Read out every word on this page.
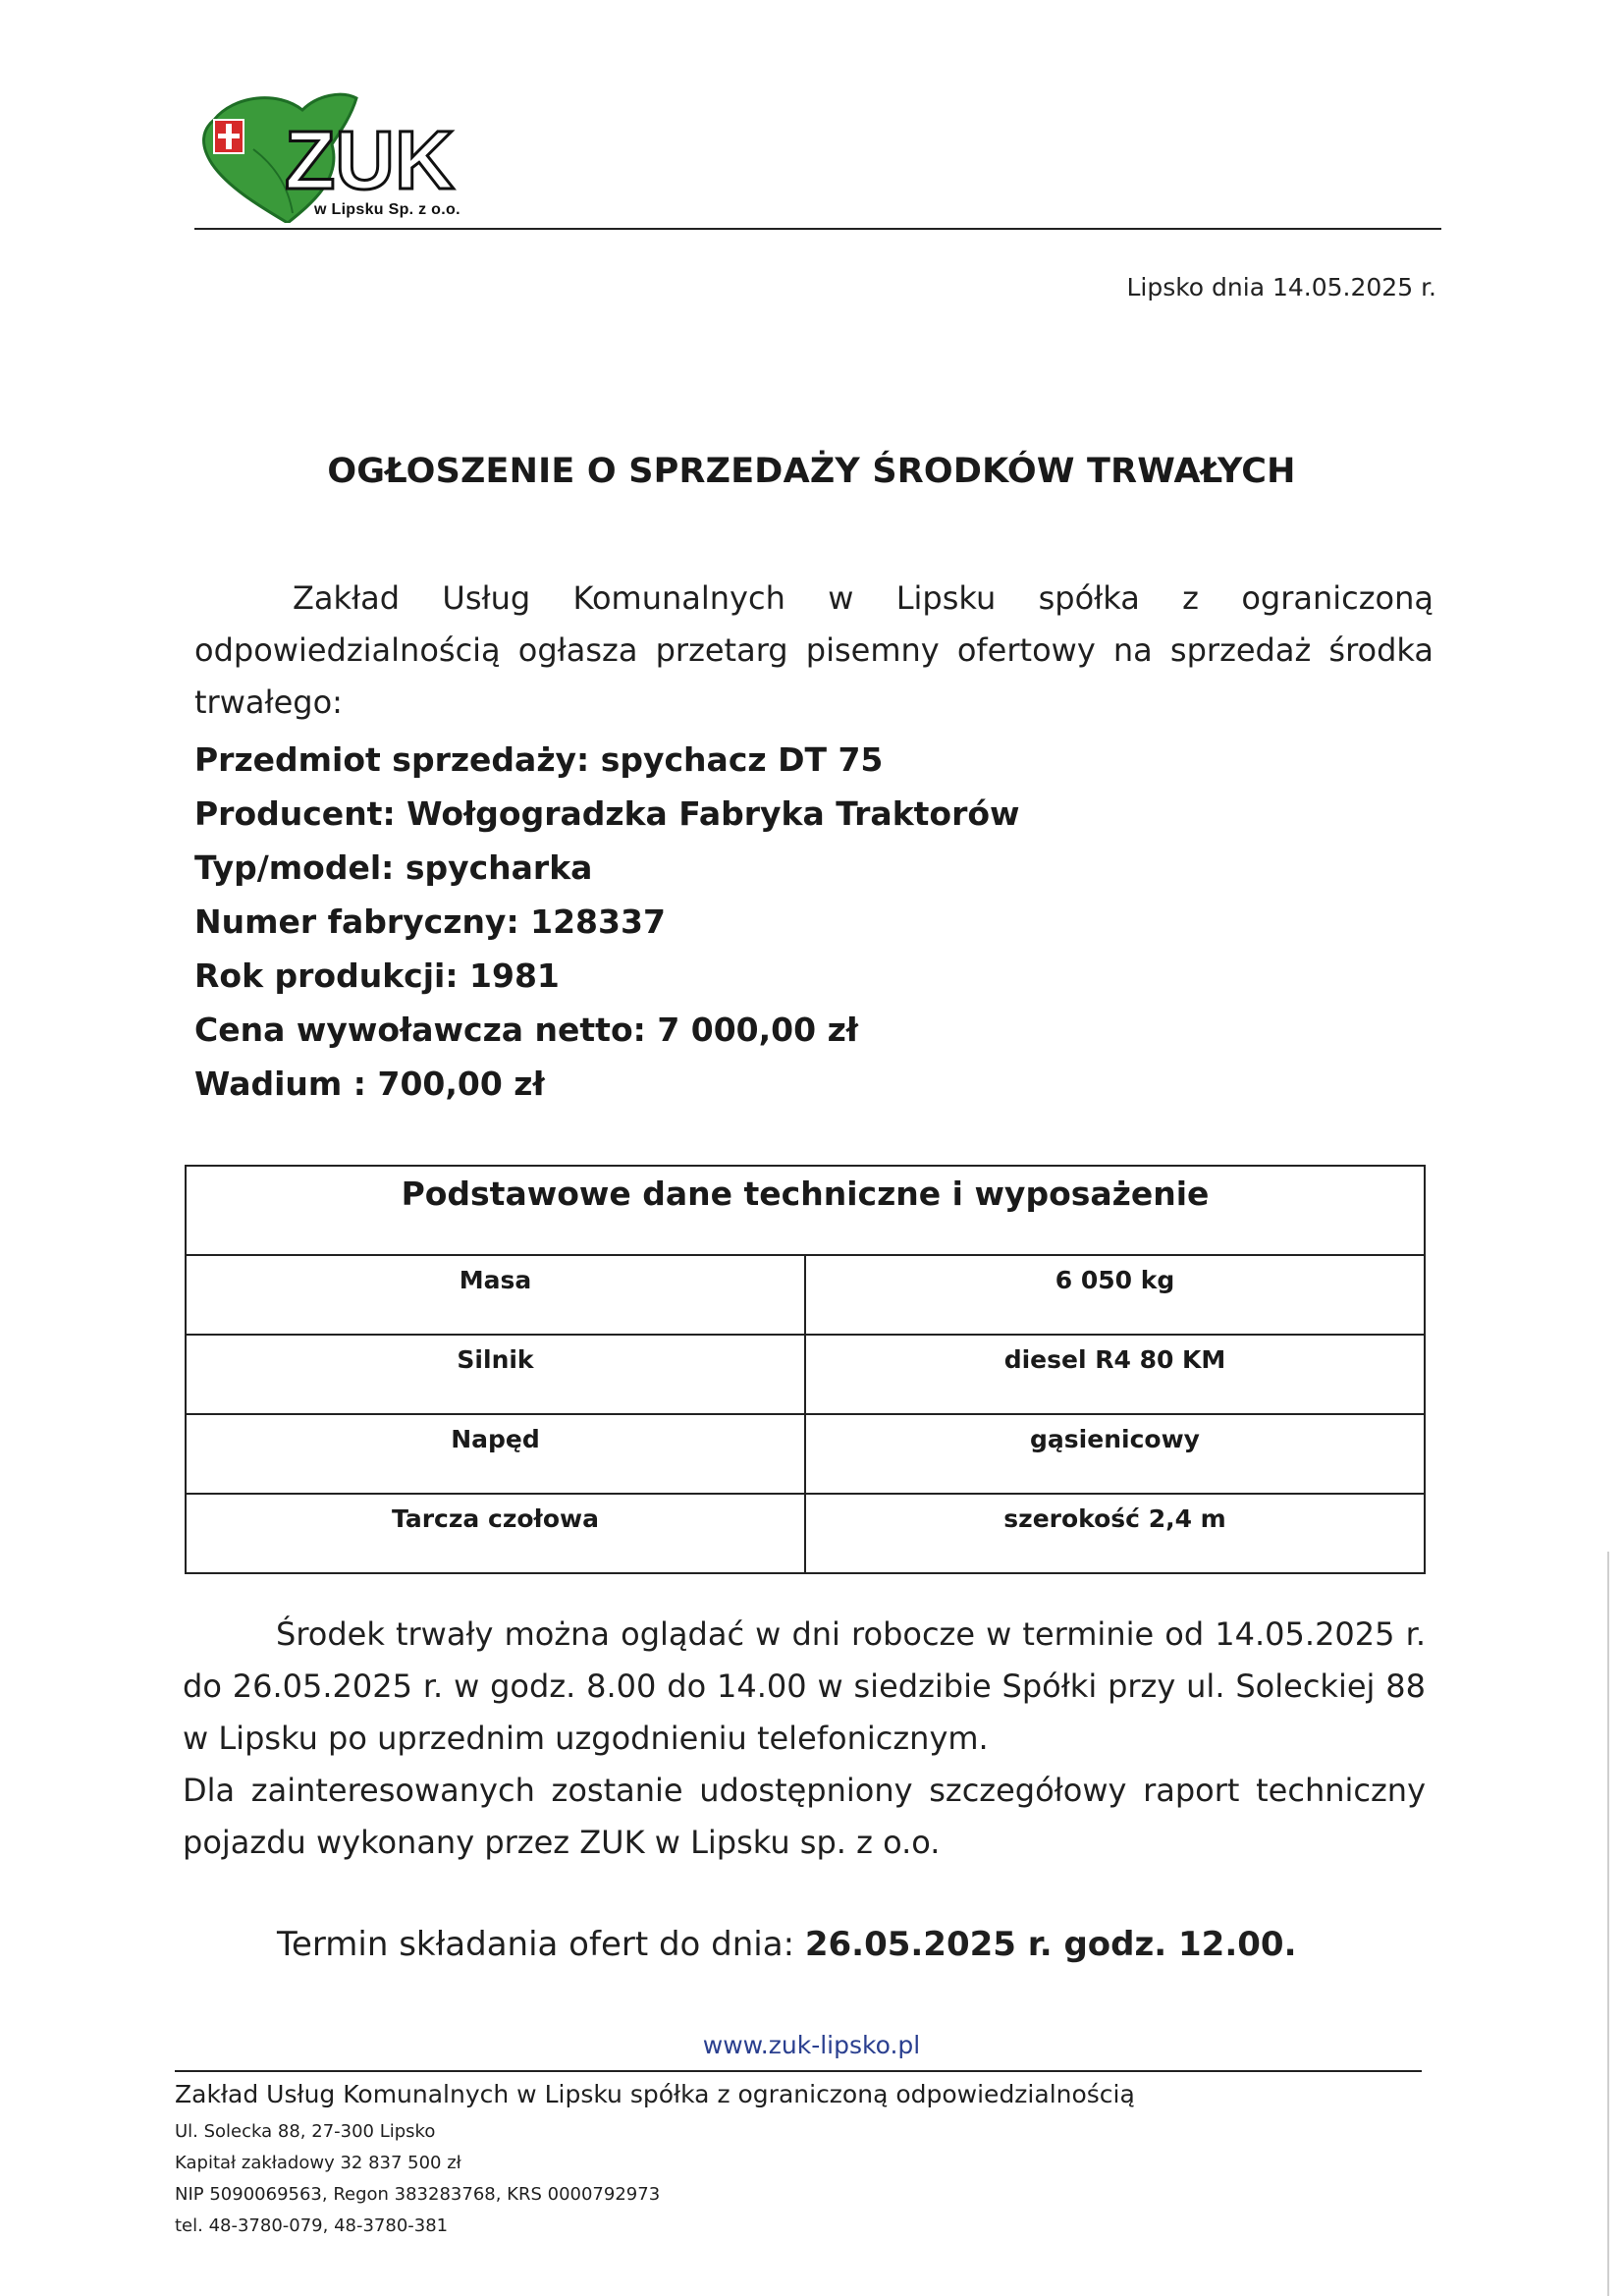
ZUK
w Lipsku Sp. z o.o.
Lipsko dnia 14.05.2025 r.
OGŁOSZENIE O SPRZEDAŻY ŚRODKÓW TRWAŁYCH
Zakład Usług Komunalnych w Lipsku spółka z ograniczoną odpowiedzialnością ogłasza przetarg pisemny ofertowy na sprzedaż środka trwałego:
Przedmiot sprzedaży: spychacz DT 75
Producent: Wołgogradzka Fabryka Traktorów
Typ/model: spycharka
Numer fabryczny: 128337
Rok produkcji: 1981
Cena wywoławcza netto: 7 000,00 zł
Wadium : 700,00 zł
Podstawowe dane techniczne i wyposażenie	
Masa	6 050 kg
Silnik	diesel R4 80 KM
Napęd	gąsienicowy
Tarcza czołowa	szerokość 2,4 m
Środek trwały można oglądać w dni robocze w terminie od 14.05.2025 r. do 26.05.2025 r. w godz. 8.00 do 14.00 w siedzibie Spółki przy ul. Soleckiej 88 w Lipsku po uprzednim uzgodnieniu telefonicznym.
Dla zainteresowanych zostanie udostępniony szczegółowy raport techniczny pojazdu wykonany przez ZUK w Lipsku sp. z o.o.
Termin składania ofert do dnia: 26.05.2025 r. godz. 12.00.
www.zuk-lipsko.pl
Zakład Usług Komunalnych w Lipsku spółka z ograniczoną odpowiedzialnością
Ul. Solecka 88, 27-300 Lipsko
Kapitał zakładowy 32 837 500 zł
NIP 5090069563, Regon 383283768, KRS 0000792973
tel. 48-3780-079, 48-3780-381
